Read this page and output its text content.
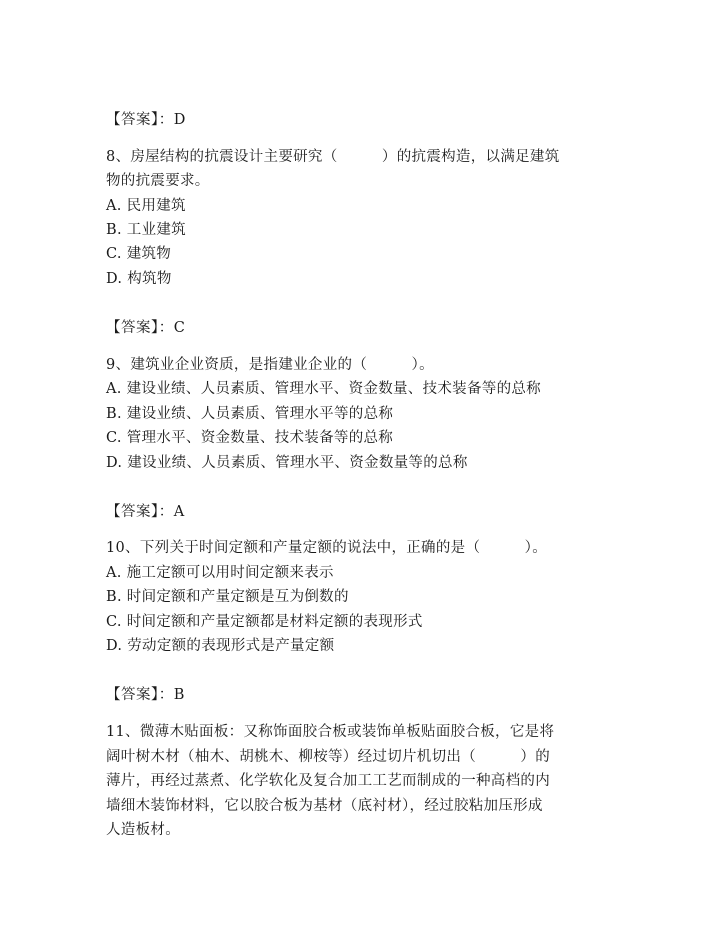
【答案】：D
8、房屋结构的抗震设计主要研究（　　　）的抗震构造，以满足建筑
物的抗震要求。
A. 民用建筑
B. 工业建筑
C. 建筑物
D. 构筑物
【答案】：C
9、建筑业企业资质，是指建业企业的（　　　）。
A. 建设业绩、人员素质、管理水平、资金数量、技术装备等的总称
B. 建设业绩、人员素质、管理水平等的总称
C. 管理水平、资金数量、技术装备等的总称
D. 建设业绩、人员素质、管理水平、资金数量等的总称
【答案】：A
10、下列关于时间定额和产量定额的说法中，正确的是（　　　）。
A. 施工定额可以用时间定额来表示
B. 时间定额和产量定额是互为倒数的
C. 时间定额和产量定额都是材料定额的表现形式
D. 劳动定额的表现形式是产量定额
【答案】：B
11、微薄木贴面板：又称饰面胶合板或装饰单板贴面胶合板，它是将
阔叶树木材（柚木、胡桃木、柳桉等）经过切片机切出（　　　）的
薄片，再经过蒸煮、化学软化及复合加工工艺而制成的一种高档的内
墙细木装饰材料，它以胶合板为基材（底衬材），经过胶粘加压形成
人造板材。
